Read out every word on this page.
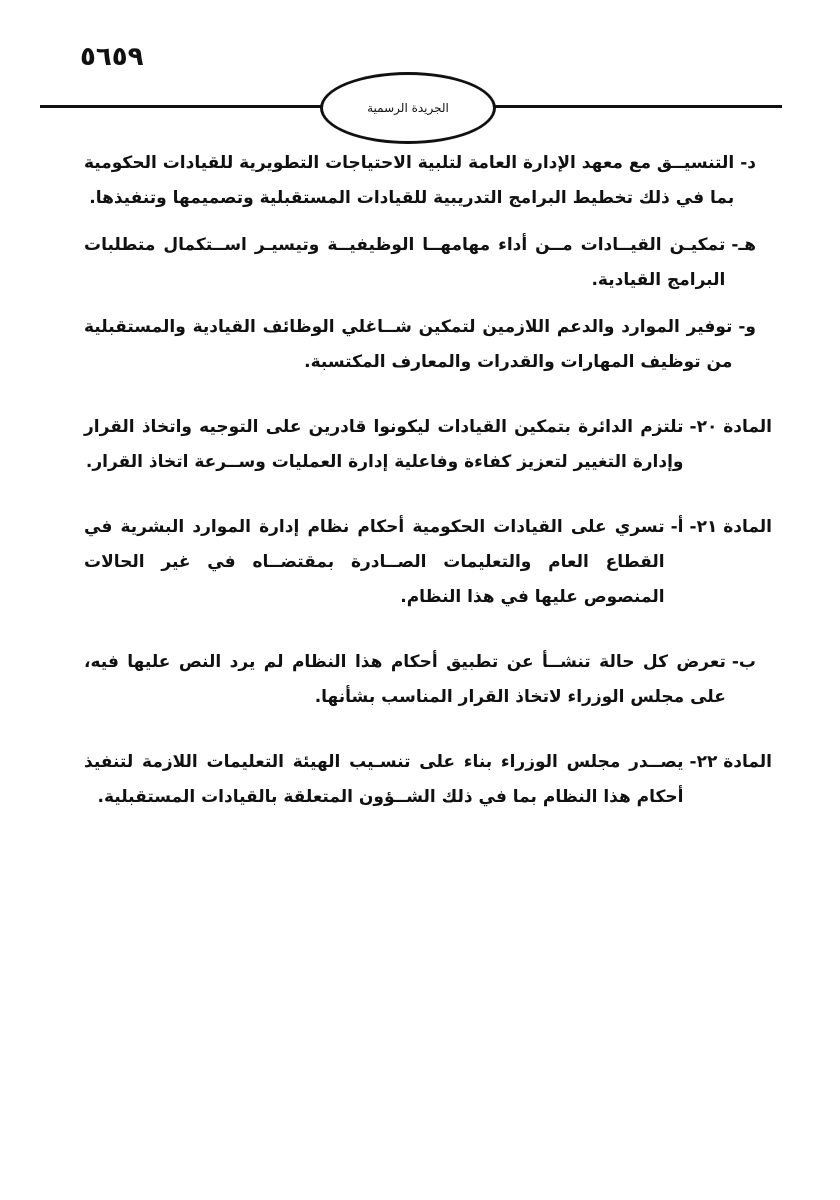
٥٦٥٩
الجريدة الرسمية
د-
التنسيــق مع معهد الإدارة العامة لتلبية الاحتياجات التطويرية للقيادات الحكومية بما في ذلك تخطيط البرامج التدريبية للقيادات المستقبلية وتصميمها وتنفيذها.
هـ-
تمكيـن القيــادات مــن أداء مهامهــا الوظيفيــة وتيسيـر اســتكمال متطلبات البرامج القيادية.
و-
توفير الموارد والدعم اللازمين لتمكين شــاغلي الوظائف القيادية والمستقبلية من توظيف المهارات والقدرات والمعارف المكتسبة.
المادة ٢٠-
تلتزم الدائرة بتمكين القيادات ليكونوا قادرين على التوجيه واتخاذ القرار وإدارة التغيير لتعزيز كفاءة وفاعلية إدارة العمليات وســرعة اتخاذ القرار.
المادة ٢١-
أ-
تسري على القيادات الحكومية أحكام نظام إدارة الموارد البشرية في القطاع العام والتعليمات الصــادرة بمقتضــاه في غير الحالات المنصوص عليها في هذا النظام.
ب-
تعرض كل حالة تنشــأ عن تطبيق أحكام هذا النظام لم يرد النص عليها فيه، على مجلس الوزراء لاتخاذ القرار المناسب بشأنها.
المادة ٢٢-
يصــدر مجلس الوزراء بناء على تنسـيب الهيئة التعليمات اللازمة لتنفيذ أحكام هذا النظام بما في ذلك الشــؤون المتعلقة بالقيادات المستقبلية.
